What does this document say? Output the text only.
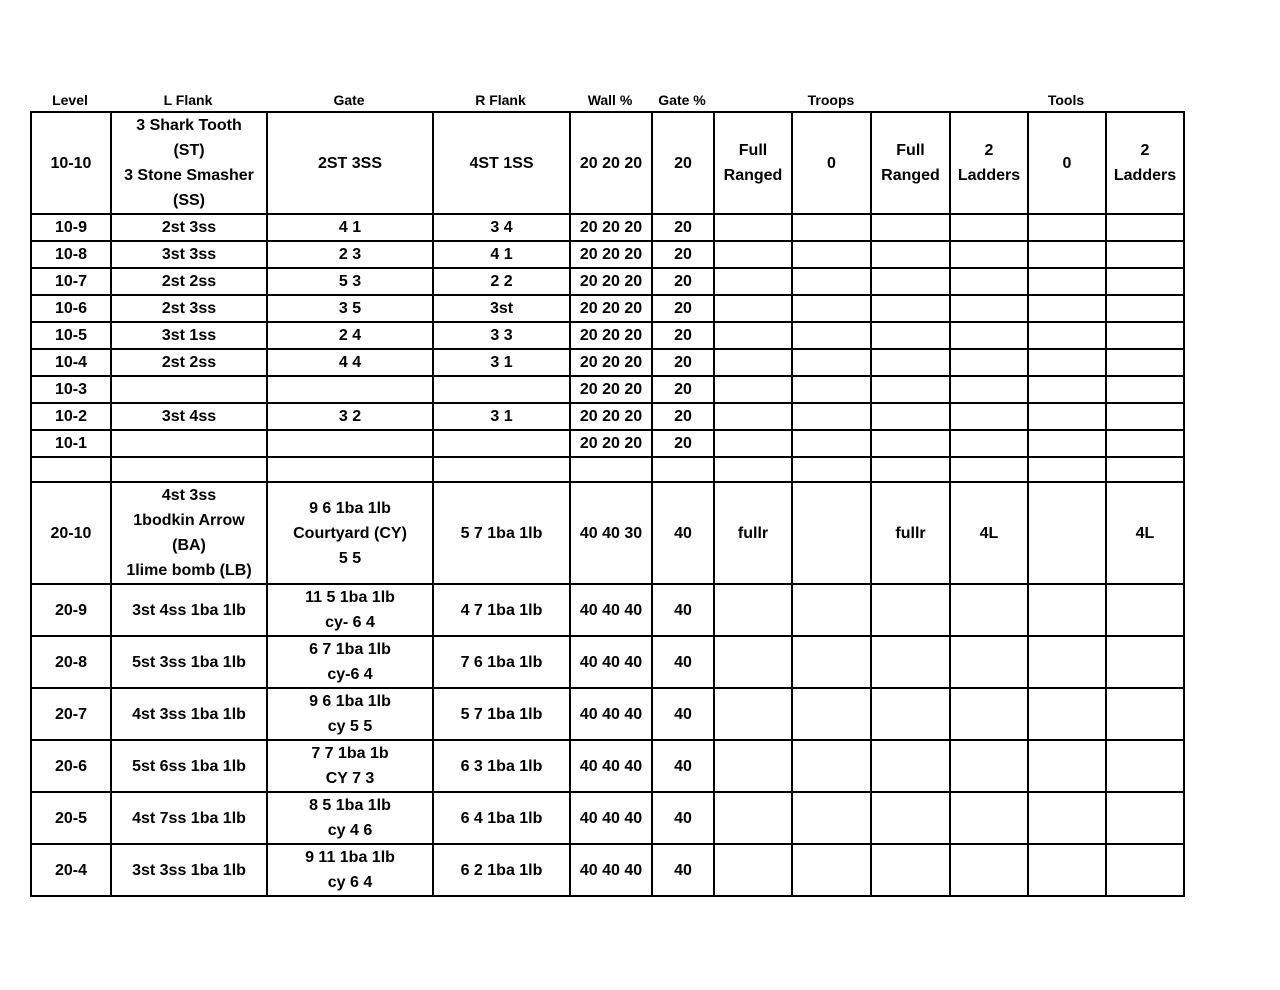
Level	L Flank	Gate	R Flank	Wall %	Gate %	Troops	Tools
10-10	3 Shark Tooth
(ST)
3 Stone Smasher
(SS)	2ST 3SS	4ST 1SS	20 20 20	20	Full
Ranged	0	Full
Ranged	2
Ladders	0	2
Ladders
10-9	2st 3ss	4 1	3 4	20 20 20	20						
10-8	3st 3ss	2 3	4 1	20 20 20	20						
10-7	2st 2ss	5 3	2 2	20 20 20	20						
10-6	2st 3ss	3 5	3st	20 20 20	20						
10-5	3st 1ss	2 4	3 3	20 20 20	20						
10-4	2st 2ss	4 4	3 1	20 20 20	20						
10-3				20 20 20	20						
10-2	3st 4ss	3 2	3 1	20 20 20	20						
10-1				20 20 20	20						

20-10	4st 3ss
1bodkin Arrow
(BA)
1lime bomb (LB)	9 6 1ba 1lb
Courtyard (CY)
5 5	5 7 1ba 1lb	40 40 30	40	fullr		fullr	4L		4L
20-9	3st 4ss 1ba 1lb	11 5 1ba 1lb
cy- 6 4	4 7 1ba 1lb	40 40 40	40						
20-8	5st 3ss 1ba 1lb	6 7 1ba 1lb
cy-6 4	7 6 1ba 1lb	40 40 40	40						
20-7	4st 3ss 1ba 1lb	9 6 1ba 1lb
cy 5 5	5 7 1ba 1lb	40 40 40	40						
20-6	5st 6ss 1ba 1lb	7 7 1ba 1b
CY 7 3	6 3 1ba 1lb	40 40 40	40						
20-5	4st 7ss 1ba 1lb	8 5 1ba 1lb
cy 4 6	6 4 1ba 1lb	40 40 40	40						
20-4	3st 3ss 1ba 1lb	9 11 1ba 1lb
cy 6 4	6 2 1ba 1lb	40 40 40	40						
